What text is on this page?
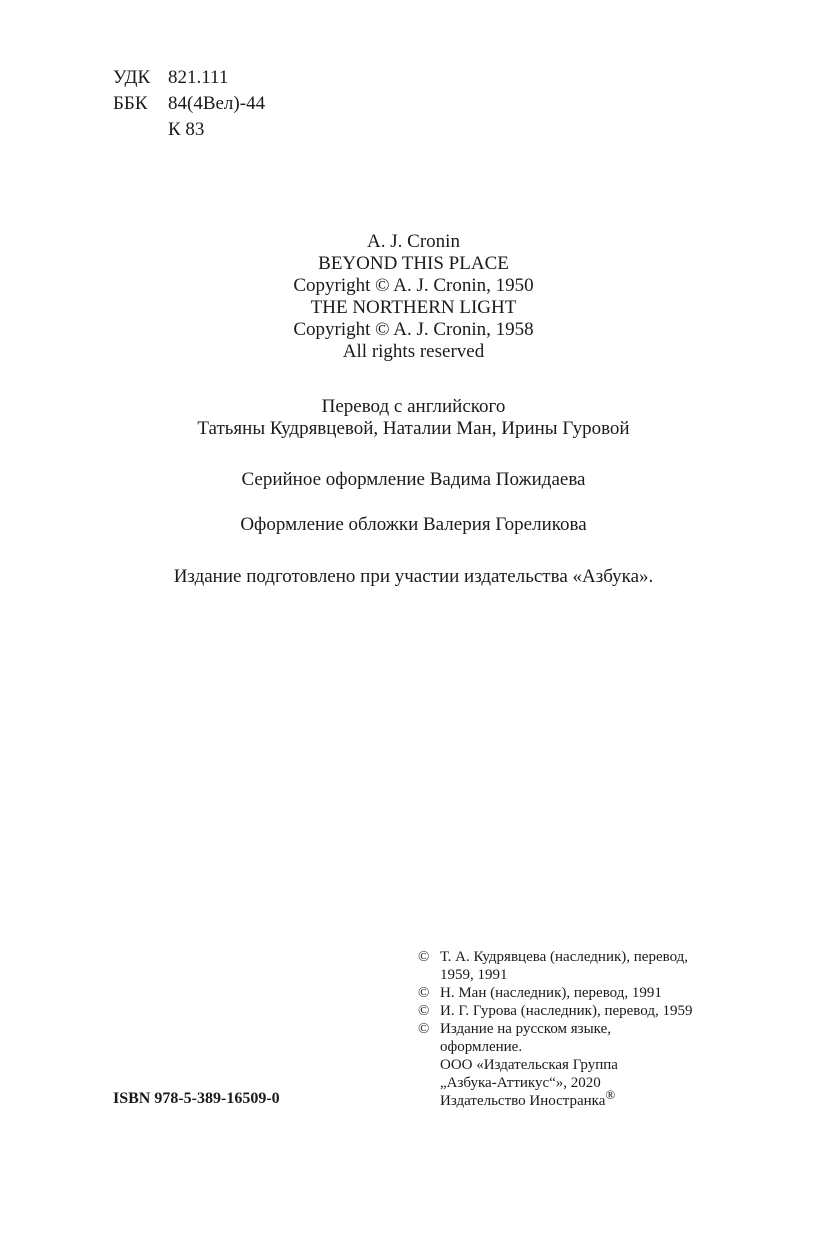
УДК 821.111
ББК	84(4Вел)-44
К 83
A. J. Cronin
BEYOND THIS PLACE
Copyright © A. J. Cronin, 1950
THE NORTHERN LIGHT
Copyright © A. J. Cronin, 1958
All rights reserved
Перевод с английского
Татьяны Кудрявцевой, Наталии Ман, Ирины Гуровой
Серийное оформление Вадима Пожидаева
Оформление обложки Валерия Гореликова
Издание подготовлено при участии издательства «Азбука».
© Т. А. Кудрявцева (наследник), перевод,
1959, 1991
© Н. Ман (наследник), перевод, 1991
© И. Г. Гурова (наследник), перевод, 1959
© Издание на русском языке,
оформление.
ООО «Издательская Группа
„Азбука-Аттикус“», 2020
Издательство Иностранка®
ISBN 978-5-389-16509-0
